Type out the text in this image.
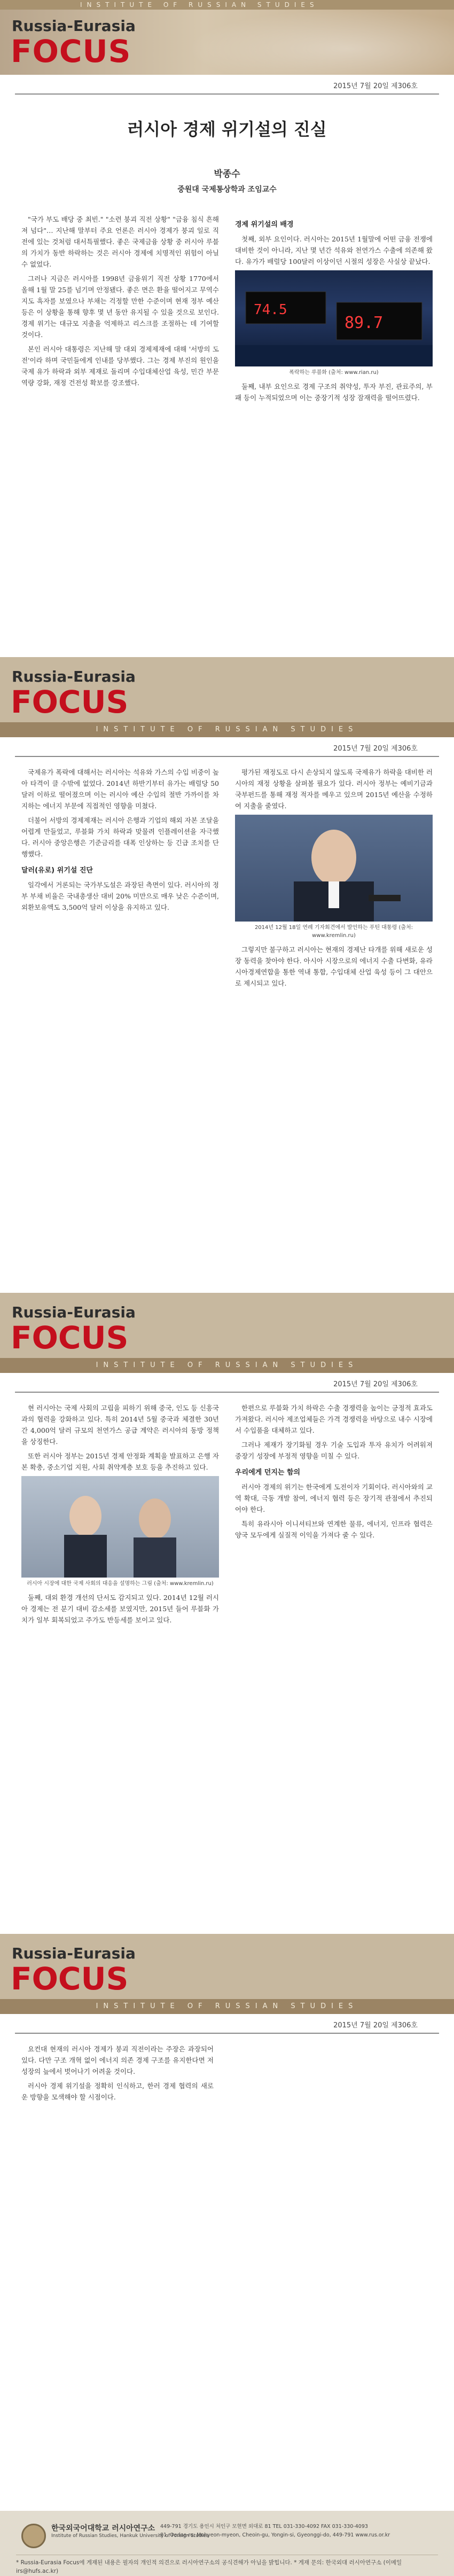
INSTITUTE OF RUSSIAN STUDIES
Russia-Eurasia
FOCUS
2015년 7월 20일 제306호
러시아 경제 위기설의 진실
박종수
중원대 국제통상학과 조임교수

"국가 부도 배당 중 최빈." "소련 붕괴 직전 상황" "금융 침식 흔해져 넘다"… 지난해 말부터 주요 언론은 러시아 경제가 붕괴 일로 직전에 있는 것처럼 대서특필했다. 좋은 국제금융 상황 중 러시아 루블의 가치가 동반 하락하는 것은 러시아 경제에 치명적인 위험이 아닐 수 없었다.

그러나 지금은 러시아를 1998년 금융위기 직전 상황 1770에서 올해 1월 말 25를 넘기며 안정됐다. 좋은 면은 환율 떨어지고 무역수지도 흑자를 보였으나 부채는 걱정할 만한 수준이며 현재 정부 예산 등은 이 상황을 통해 향후 몇 년 동안 유지될 수 있을 것으로 보인다. 경제 위기는 대규모 지출을 억제하고 리스크를 조절하는 데 기여할 것이다.

본인 러시아 대통령은 지난해 말 대외 경제제재에 대해 '서방의 도전'이라 하며 국민들에게 인내를 당부했다. 그는 경제 부진의 원인을 국제 유가 하락과 외부 제재로 돌리며 수입대체산업 육성, 민간 부문 역량 강화, 재정 건전성 확보를 강조했다.

경제 위기설의 배경

첫째, 외부 요인이다. 러시아는 2015년 1월말에 어떤 금융 전쟁에 대비한 것이 아니라, 지난 몇 년간 석유와 천연가스 수출에 의존해 왔다. 유가가 배럴당 100달러 이상이던 시절의 성장은 사실상 끝났다.

74.5
89.7
폭락하는 루블화 (출처: www.rian.ru)

둘째, 내부 요인으로 경제 구조의 취약성, 투자 부진, 관료주의, 부패 등이 누적되었으며 이는 중장기적 성장 잠재력을 떨어뜨렸다.

Russia-Eurasia
FOCUS
INSTITUTE OF RUSSIAN STUDIES
2015년 7월 20일 제306호

국제유가 폭락에 대해서는 러시아는 석유와 가스의 수입 비중이 높아 타격이 클 수밖에 없었다. 2014년 하반기부터 유가는 배럴당 50달러 이하로 떨어졌으며 이는 러시아 예산 수입의 절반 가까이를 차지하는 에너지 부문에 직접적인 영향을 미쳤다.

더불어 서방의 경제제재는 러시아 은행과 기업의 해외 자본 조달을 어렵게 만들었고, 루블화 가치 하락과 맞물려 인플레이션을 자극했다. 러시아 중앙은행은 기준금리를 대폭 인상하는 등 긴급 조치를 단행했다.

달러(유로) 위기설 진단

일각에서 거론되는 국가부도설은 과장된 측면이 있다. 러시아의 정부 부채 비율은 국내총생산 대비 20% 미만으로 매우 낮은 수준이며, 외환보유액도 3,500억 달러 이상을 유지하고 있다.

평가된 재정도로 다시 손상되지 않도록 국제유가 하락을 대비한 러시아의 재정 상황을 살펴볼 필요가 있다. 러시아 정부는 예비기금과 국부펀드를 통해 재정 적자를 메우고 있으며 2015년 예산을 수정하여 지출을 줄였다.

2014년 12월 18일 연례 기자회견에서 발언하는 푸틴 대통령 (출처: www.kremlin.ru)

그렇지만 불구하고 러시아는 현재의 경제난 타개를 위해 새로운 성장 동력을 찾아야 한다. 아시아 시장으로의 에너지 수출 다변화, 유라시아경제연합을 통한 역내 통합, 수입대체 산업 육성 등이 그 대안으로 제시되고 있다.

Russia-Eurasia
FOCUS
INSTITUTE OF RUSSIAN STUDIES
2015년 7월 20일 제306호

현 러시아는 국제 사회의 고립을 피하기 위해 중국, 인도 등 신흥국과의 협력을 강화하고 있다. 특히 2014년 5월 중국과 체결한 30년간 4,000억 달러 규모의 천연가스 공급 계약은 러시아의 동방 정책을 상징한다.

또한 러시아 정부는 2015년 경제 안정화 계획을 발표하고 은행 자본 확충, 중소기업 지원, 사회 취약계층 보호 등을 추진하고 있다.

러시아 시장에 대한 국제 사회의 대응을 설명하는 그림 (출처: www.kremlin.ru)

둘째, 대외 환경 개선의 단서도 감지되고 있다. 2014년 12월 러시아 경제는 전 분기 대비 감소세를 보였지만, 2015년 들어 루블화 가치가 일부 회복되었고 주가도 반등세를 보이고 있다.

한편으로 루블화 가치 하락은 수출 경쟁력을 높이는 긍정적 효과도 가져왔다. 러시아 제조업체들은 가격 경쟁력을 바탕으로 내수 시장에서 수입품을 대체하고 있다.

그러나 제재가 장기화될 경우 기술 도입과 투자 유치가 어려워져 중장기 성장에 부정적 영향을 미칠 수 있다.

우리에게 던지는 함의

러시아 경제의 위기는 한국에게 도전이자 기회이다. 러시아와의 교역 확대, 극동 개발 참여, 에너지 협력 등은 장기적 관점에서 추진되어야 한다.

특히 유라시아 이니셔티브와 연계한 물류, 에너지, 인프라 협력은 양국 모두에게 실질적 이익을 가져다 줄 수 있다.

Russia-Eurasia
FOCUS
INSTITUTE OF RUSSIAN STUDIES
2015년 7월 20일 제306호

요컨대 현재의 러시아 경제가 붕괴 직전이라는 주장은 과장되어 있다. 다만 구조 개혁 없이 에너지 의존 경제 구조를 유지한다면 저성장의 늪에서 벗어나기 어려울 것이다.

러시아 경제 위기설을 정확히 인식하고, 한러 경제 협력의 새로운 방향을 모색해야 할 시점이다.

한국외국어대학교 러시아연구소
Institute of Russian Studies, Hankuk University of Foreign Studies
449-791 경기도 용인시 처인구 모현면 외대로 81 TEL 031-330-4092 FAX 031-330-4093
81, Oedae-ro, Mohyeon-myeon, Cheoin-gu, Yongin-si, Gyeonggi-do, 449-791 www.rus.or.kr
* Russia-Eurasia Focus에 게재된 내용은 필자의 개인적 의견으로 러시아연구소의 공식견해가 아님을 밝힙니다. * 게재 문의: 한국외대 러시아연구소 (이메일 irs@hufs.ac.kr)
